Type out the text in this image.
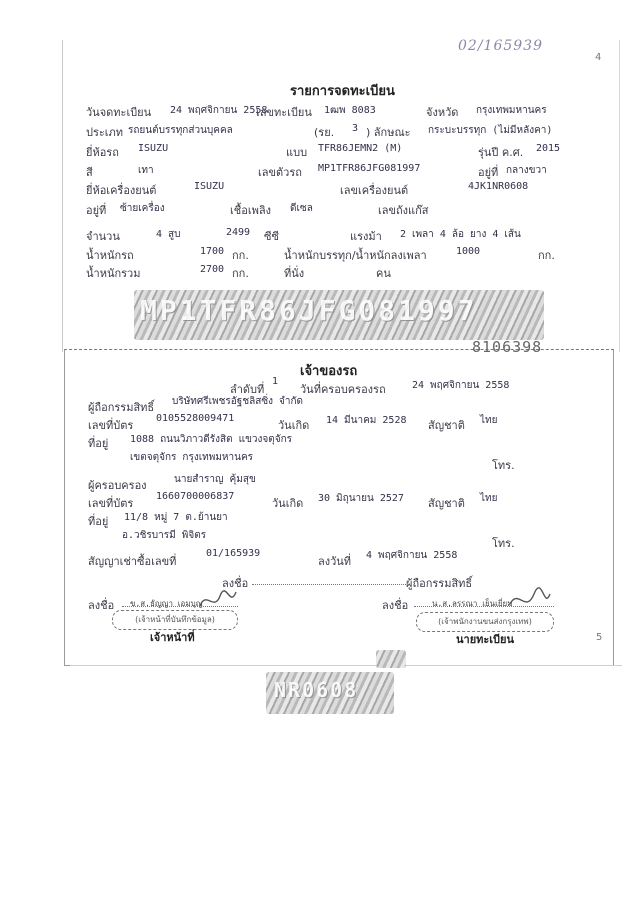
02/165939
4
รายการจดทะเบียน
วันจดทะเบียน 24 พฤศจิกายน 2558
เลขทะเบียน 1ฒพ 8083	จังหวัด กรุงเทพมหานคร
ประเภท รถยนต์บรรทุกส่วนบุคคล	(รย. 3 ) ลักษณะ กระบะบรรทุก (ไม่มีหลังคา)
ยี่ห้อรถ ISUZU	แบบ TFR86JEMN2 (M)	รุ่นปี ค.ศ. 2015
สี	เทา	เลขตัวรถ MP1TFR86JFG081997	อยู่ที่ กลางขวา
ยี่ห้อเครื่องยนต์	ISUZU	เลขเครื่องยนต์	4JK1NR0608
อยู่ที่ ซ้ายเครื่อง	เชื้อเพลิง ดีเซล	เลขถังแก๊ส
จำนวน	4 สูบ	2499 ซีซี	แรงม้า 2 เพลา 4 ล้อ ยาง 4 เส้น
น้ำหนักรถ	1700 กก.	น้ำหนักบรรทุก/น้ำหนักลงเพลา	1000	กก.
น้ำหนักรวม	2700 กก.	ที่นั่ง	คน
MP1TFR86JFG081997
8106398
เจ้าของรถ
ลำดับที่
1
วันที่ครอบครองรถ	24 พฤศจิกายน 2558
ผู้ถือกรรมสิทธิ์ บริษัทศรีเพชรอัฐชลิสซิ่ง จำกัด
เลขที่บัตร
0105528009471
วันเกิด 14 มีนาคม 2528 สัญชาติ ไทย
ที่อยู่ 1088 ถนนวิภาวดีรังสิต แขวงจตุจักร
เขตจตุจักร กรุงเทพมหานคร
โทร.
ผู้ครอบครอง	นายสำราญ คุ้มสุข
เลขที่บัตร
1660700006837
วันเกิด 30 มิถุนายน 2527 สัญชาติ ไทย
ที่อยู่ 11/8 หมู่ 7 ต.ย้านยา
อ.วชิรบารมี พิจิตร
โทร.
สัญญาเช่าซื้อเลขที่
01/165939
ลงวันที่ 4 พฤศจิกายน 2558
ลงชื่อ	ผู้ถือกรรมสิทธิ์
ลงชื่อ ข.ส.ธัญญา เอมบุญ
(เจ้าหน้าที่บันทึกข้อมูล)
เจ้าหน้าที่
ลงชื่อ	น.ส.ลรรณา เย็นเยี่ยม
(เจ้าพนักงานขนส่งกรุงเทพ)
นายทะเบียน	5
NR0608
